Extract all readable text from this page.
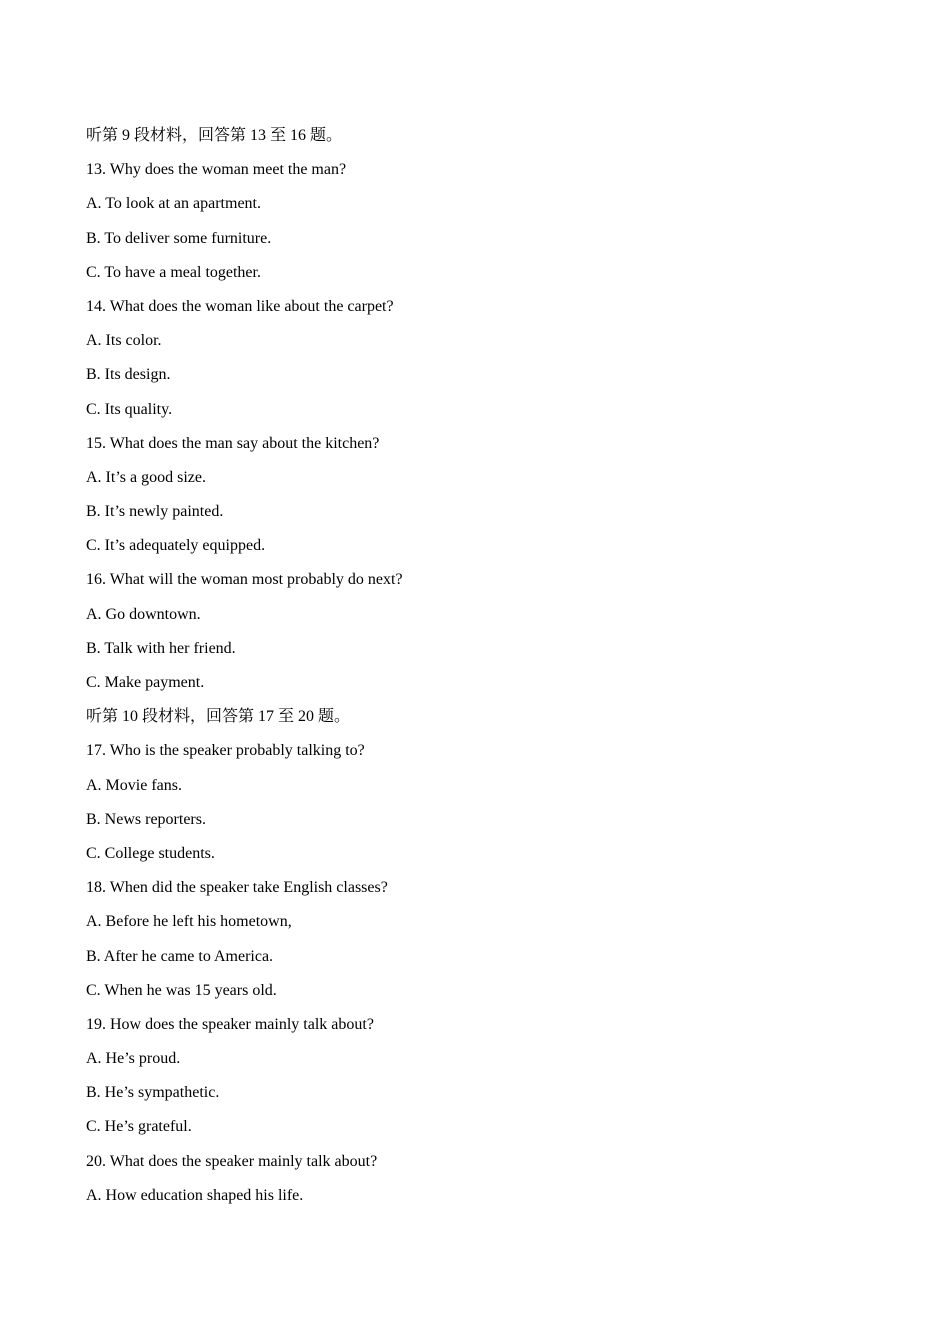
听第 9 段材料，回答第 13 至 16 题。
13. Why does the woman meet the man?
A. To look at an apartment.
B. To deliver some furniture.
C. To have a meal together.
14. What does the woman like about the carpet?
A. Its color.
B. Its design.
C. Its quality.
15. What does the man say about the kitchen?
A. It’s a good size.
B. It’s newly painted.
C. It’s adequately equipped.
16. What will the woman most probably do next?
A. Go downtown.
B. Talk with her friend.
C. Make payment.
听第 10 段材料，回答第 17 至 20 题。
17. Who is the speaker probably talking to?
A. Movie fans.
B. News reporters.
C. College students.
18. When did the speaker take English classes?
A. Before he left his hometown,
B. After he came to America.
C. When he was 15 years old.
19. How does the speaker mainly talk about?
A. He’s proud.
B. He’s sympathetic.
C. He’s grateful.
20. What does the speaker mainly talk about?
A. How education shaped his life.
